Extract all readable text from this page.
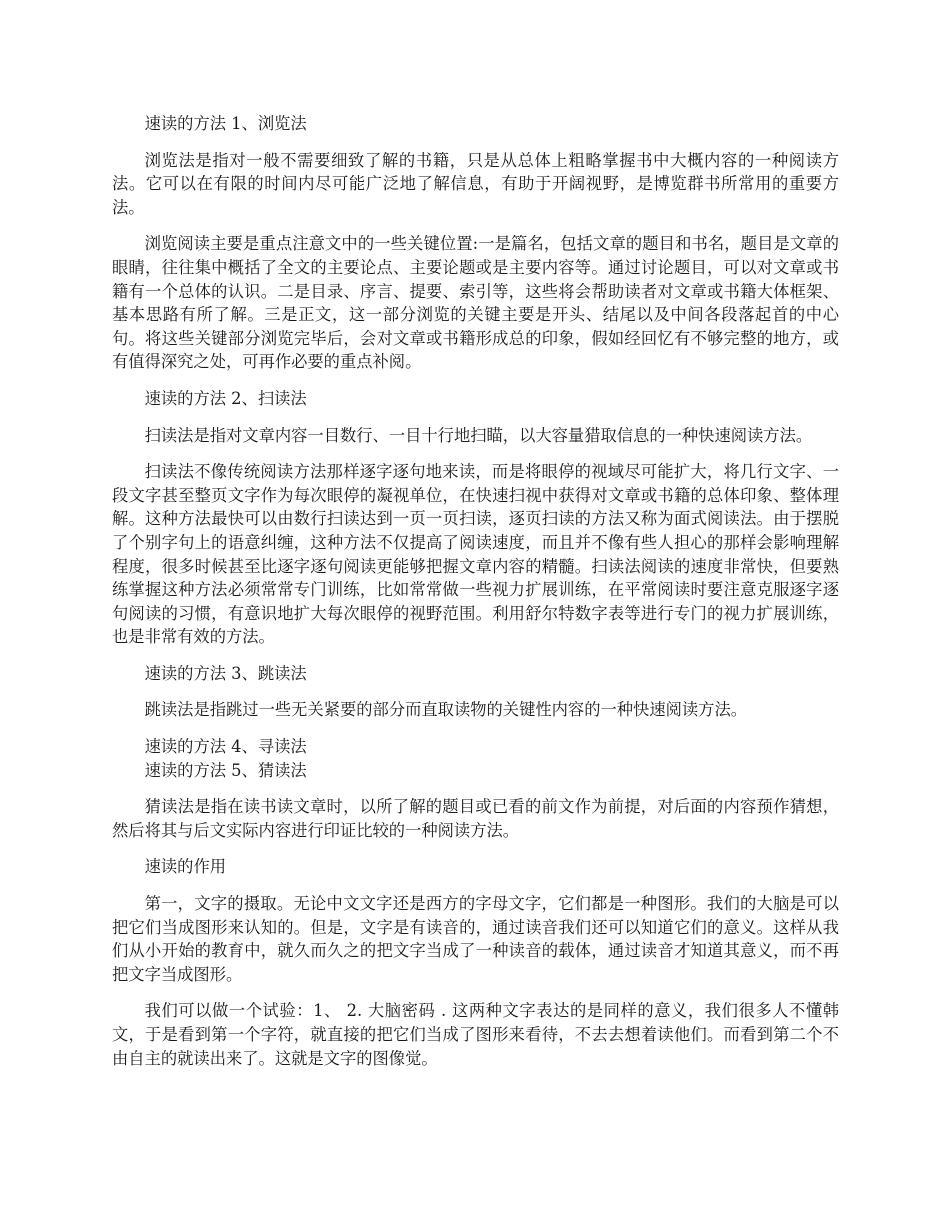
速读的方法 1、浏览法

浏览法是指对一般不需要细致了解的书籍，只是从总体上粗略掌握书中大概内容的一种阅读方法。它可以在有限的时间内尽可能广泛地了解信息，有助于开阔视野，是博览群书所常用的重要方法。

浏览阅读主要是重点注意文中的一些关键位置:一是篇名，包括文章的题目和书名，题目是文章的眼睛，往往集中概括了全文的主要论点、主要论题或是主要内容等。通过讨论题目，可以对文章或书籍有一个总体的认识。二是目录、序言、提要、索引等，这些将会帮助读者对文章或书籍大体框架、基本思路有所了解。三是正文，这一部分浏览的关键主要是开头、结尾以及中间各段落起首的中心句。将这些关键部分浏览完毕后，会对文章或书籍形成总的印象，假如经回忆有不够完整的地方，或有值得深究之处，可再作必要的重点补阅。

速读的方法 2、扫读法

扫读法是指对文章内容一目数行、一目十行地扫瞄，以大容量猎取信息的一种快速阅读方法。

扫读法不像传统阅读方法那样逐字逐句地来读，而是将眼停的视域尽可能扩大，将几行文字、一段文字甚至整页文字作为每次眼停的凝视单位，在快速扫视中获得对文章或书籍的总体印象、整体理解。这种方法最快可以由数行扫读达到一页一页扫读，逐页扫读的方法又称为面式阅读法。由于摆脱了个别字句上的语意纠缠，这种方法不仅提高了阅读速度，而且并不像有些人担心的那样会影响理解程度，很多时候甚至比逐字逐句阅读更能够把握文章内容的精髓。扫读法阅读的速度非常快，但要熟练掌握这种方法必须常常专门训练，比如常常做一些视力扩展训练，在平常阅读时要注意克服逐字逐句阅读的习惯，有意识地扩大每次眼停的视野范围。利用舒尔特数字表等进行专门的视力扩展训练，也是非常有效的方法。

速读的方法 3、跳读法

跳读法是指跳过一些无关紧要的部分而直取读物的关键性内容的一种快速阅读方法。

速读的方法 4、寻读法

速读的方法 5、猜读法

猜读法是指在读书读文章时，以所了解的题目或已看的前文作为前提，对后面的内容预作猜想，然后将其与后文实际内容进行印证比较的一种阅读方法。

速读的作用

第一，文字的摄取。无论中文文字还是西方的字母文字，它们都是一种图形。我们的大脑是可以把它们当成图形来认知的。但是，文字是有读音的，通过读音我们还可以知道它们的意义。这样从我们从小开始的教育中，就久而久之的把文字当成了一种读音的载体，通过读音才知道其意义，而不再把文字当成图形。

我们可以做一个试验：1、 2. 大脑密码 . 这两种文字表达的是同样的意义，我们很多人不懂韩文，于是看到第一个字符，就直接的把它们当成了图形来看待，不去去想着读他们。而看到第二个不由自主的就读出来了。这就是文字的图像觉。
